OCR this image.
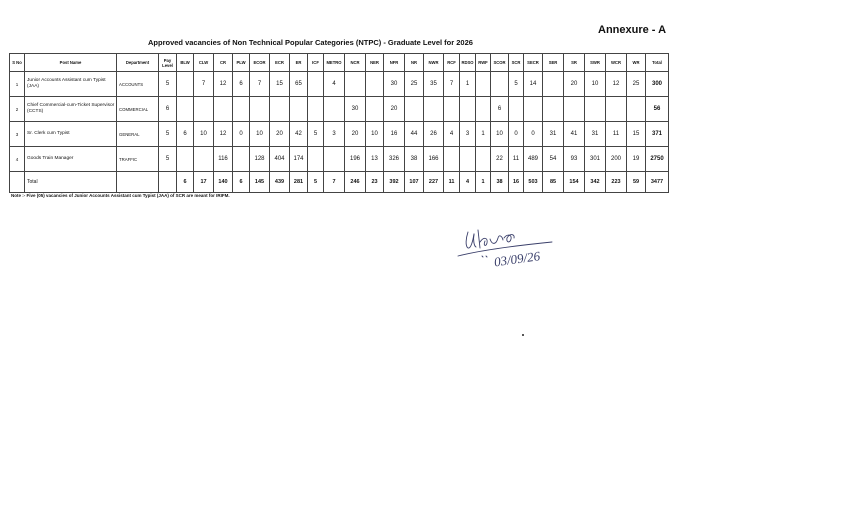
Annexure - A
Approved vacancies of Non Technical Popular Categories (NTPC) - Graduate Level for 2026
S No	Post Name	Department	Pay Level	BLW	CLW	CR	PLW	ECOR	ECR	ER	ICF	METRO	NCR	NER	NFR	NR	NWR	RCF	RDSO	RWF	SCOR	SCR	SECR	SER	SR	SWR	WCR	WR	Total
1	Junior Accounts Assistant cum Typist (JAA)	ACCOUNTS	5		7	12	6	7	15	65		4			30	25	35	7	1			5	14		20	10	12	25	300
2	Chief Commercial-cum-Ticket Supervisor (CCTS)	COMMERCIAL	6										30		20						6								56
3	Sr. Clerk cum Typist	GENERAL	5	6	10	12	0	10	20	42	5	3	20	10	16	44	26	4	3	1	10	0	0	31	41	31	11	15	371
4	Goods Train Manager	TRAFFIC	5			116		128	404	174			196	13	326	38	166				22	11	489	54	93	301	200	19	2750
	Total			6	17	140	6	145	439	281	5	7	246	23	392	107	227	11	4	1	38	16	503	85	154	342	223	59	3477
Note :- Five (05) vacancies of Junior Accounts Assistant cum Typist (JAA) of SCR are meant for IRIFM.
03/09/26
